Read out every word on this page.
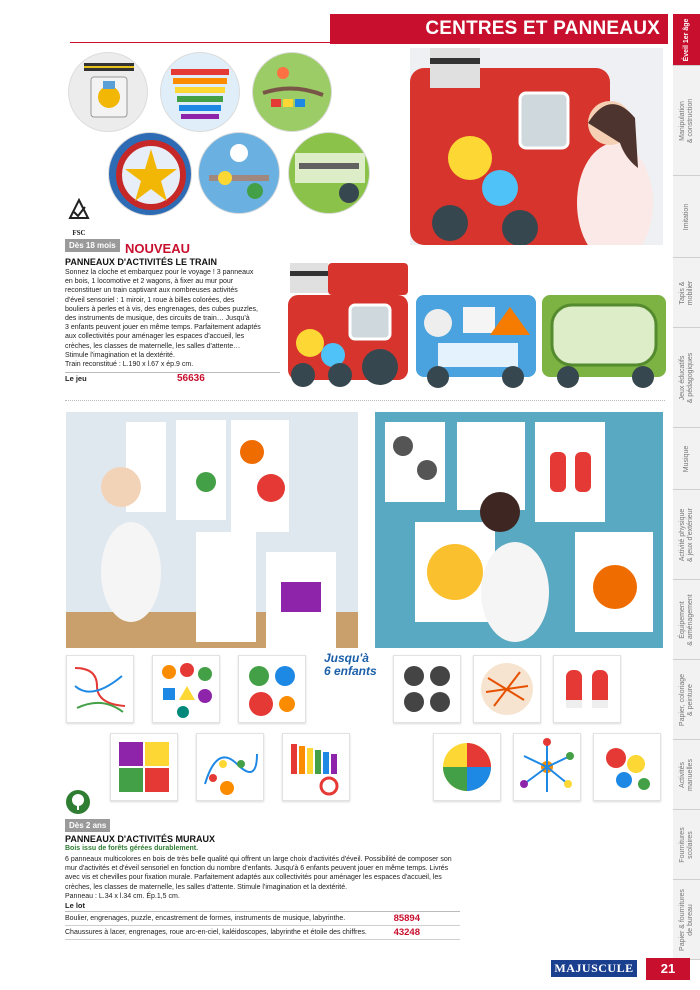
CENTRES ET PANNEAUX	Éveil 1er âge
Manipulation
& construction
Imitation
Tapis &
mobilier
Jeux éducatifs
& pédagogiques
Musique
Activité physique
& jeux d'extérieur
Équipement
& aménagement
Papier, coloriage
& peinture
Activités
manuelles
Fournitures
scolaires
Papier & fournitures
de bureau
FSC
Dès 18 mois NOUVEAU
PANNEAUX D'ACTIVITÉS LE TRAIN
Sonnez la cloche et embarquez pour le voyage ! 3 panneaux
en bois, 1 locomotive et 2 wagons, à fixer au mur pour
reconstituer un train captivant aux nombreuses activités
d'éveil sensoriel : 1 miroir, 1 roue à billes colorées, des
bouliers à perles et à vis, des engrenages, des cubes puzzles,
des instruments de musique, des circuits de train… Jusqu'à
3 enfants peuvent jouer en même temps. Parfaitement adaptés
aux collectivités pour aménager les espaces d'accueil, les
crèches, les classes de maternelle, les salles d'attente…
Stimule l'imagination et la dextérité.
Train reconstitué : L.190 x l.67 x ép.9 cm.
Le jeu	56636
Jusqu'à
6 enfants
Dès 2 ans
PANNEAUX D'ACTIVITÉS MURAUX
Bois issu de forêts gérées durablement.
6 panneaux multicolores en bois de très belle qualité qui offrent un large choix d'activités d'éveil. Possibilité de composer son
mur d'activités et d'éveil sensoriel en fonction du nombre d'enfants. Jusqu'à 6 enfants peuvent jouer en même temps. Livrés
avec vis et chevilles pour fixation murale. Parfaitement adaptés aux collectivités pour aménager les espaces d'accueil, les
crèches, les classes de maternelle, les salles d'attente. Stimule l'imagination et la dextérité.
Panneau : L.34 x l.34 cm. Ép.1,5 cm.
Le lot
Boulier, engrenages, puzzle, encastrement de formes, instruments de musique, labyrinthe.	85894
Chaussures à lacer, engrenages, roue arc-en-ciel, kaléidoscopes, labyrinthe et étoile des chiffres.	43248
MAJUSCULE	21
